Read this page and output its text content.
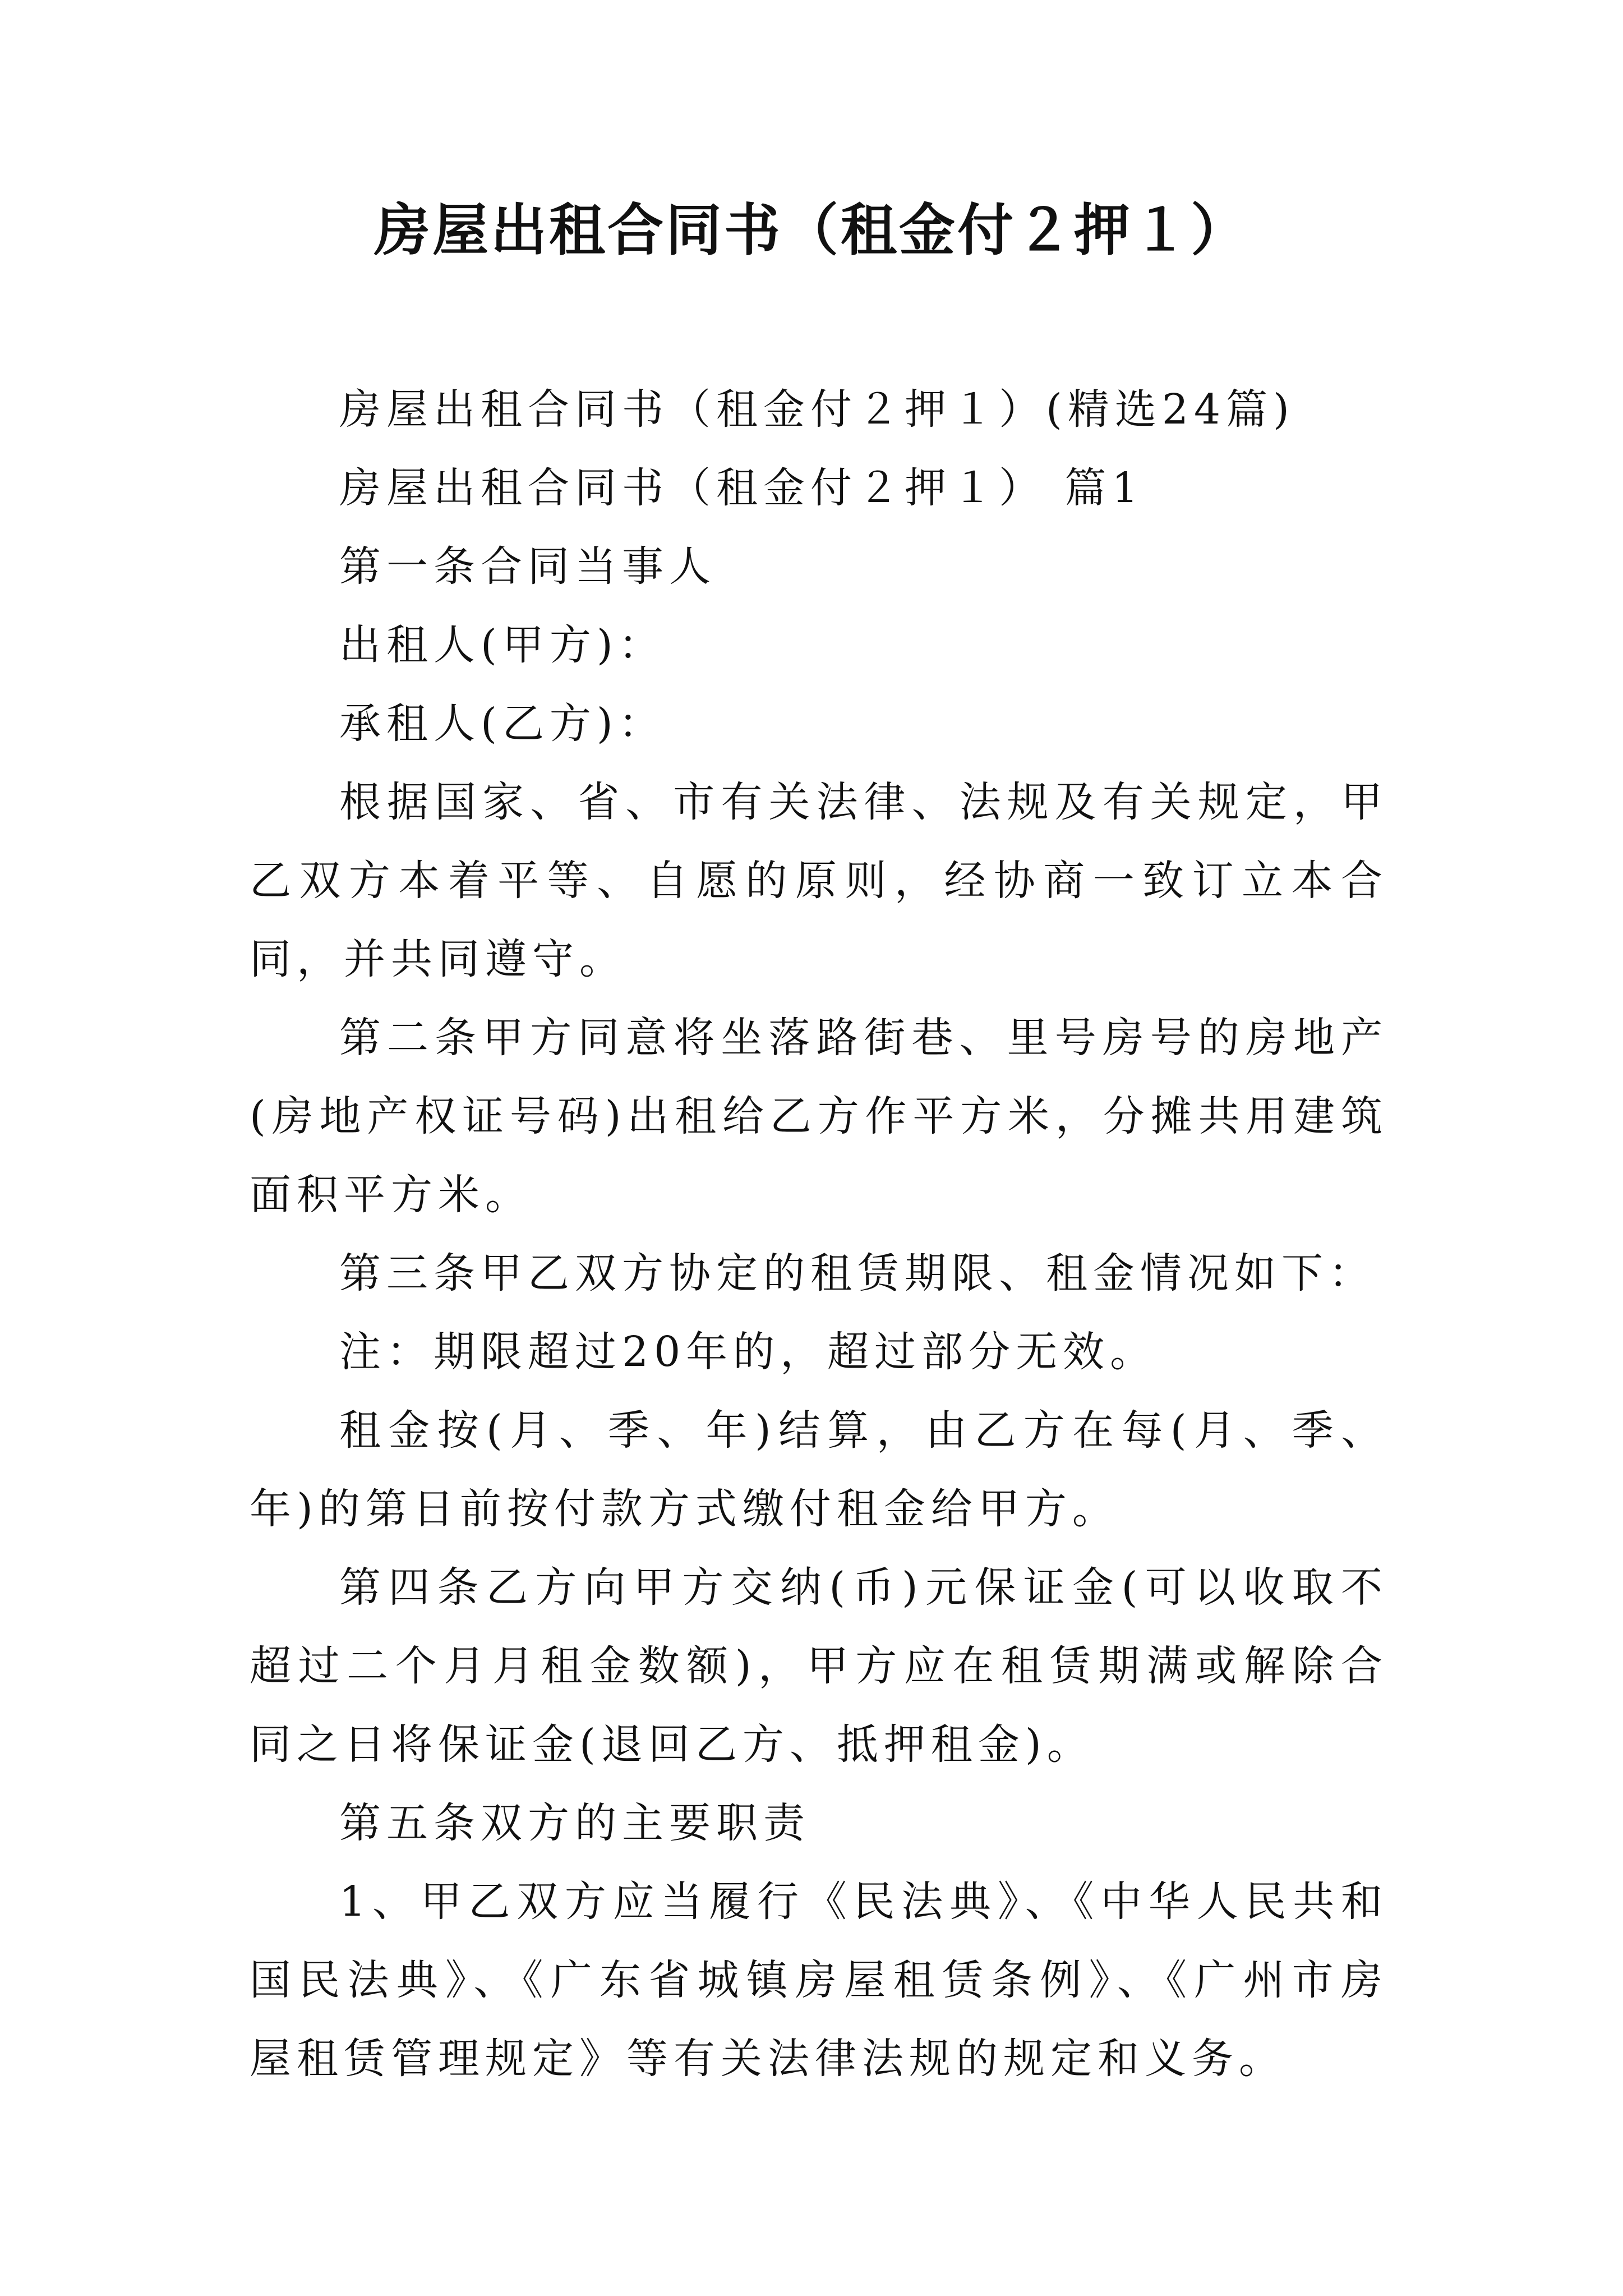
房屋出租合同书（租金付２押１）

房屋出租合同书（租金付２押１）(精选24篇)

房屋出租合同书（租金付２押１） 篇1

第一条合同当事人

出租人(甲方)：

承租人(乙方)：

根据国家、省、市有关法律、法规及有关规定，甲乙双方本着平等、自愿的原则，经协商一致订立本合同，并共同遵守。

第二条甲方同意将坐落路街巷、里号房号的房地产(房地产权证号码)出租给乙方作平方米，分摊共用建筑面积平方米。

第三条甲乙双方协定的租赁期限、租金情况如下：

注：期限超过20年的，超过部分无效。

租金按(月、季、年)结算，由乙方在每(月、季、年)的第日前按付款方式缴付租金给甲方。

第四条乙方向甲方交纳(币)元保证金(可以收取不超过二个月月租金数额)，甲方应在租赁期满或解除合同之日将保证金(退回乙方、抵押租金)。

第五条双方的主要职责

1、甲乙双方应当履行《民法典》、《中华人民共和国民法典》、《广东省城镇房屋租赁条例》、《广州市房屋租赁管理规定》等有关法律法规的规定和义务。
